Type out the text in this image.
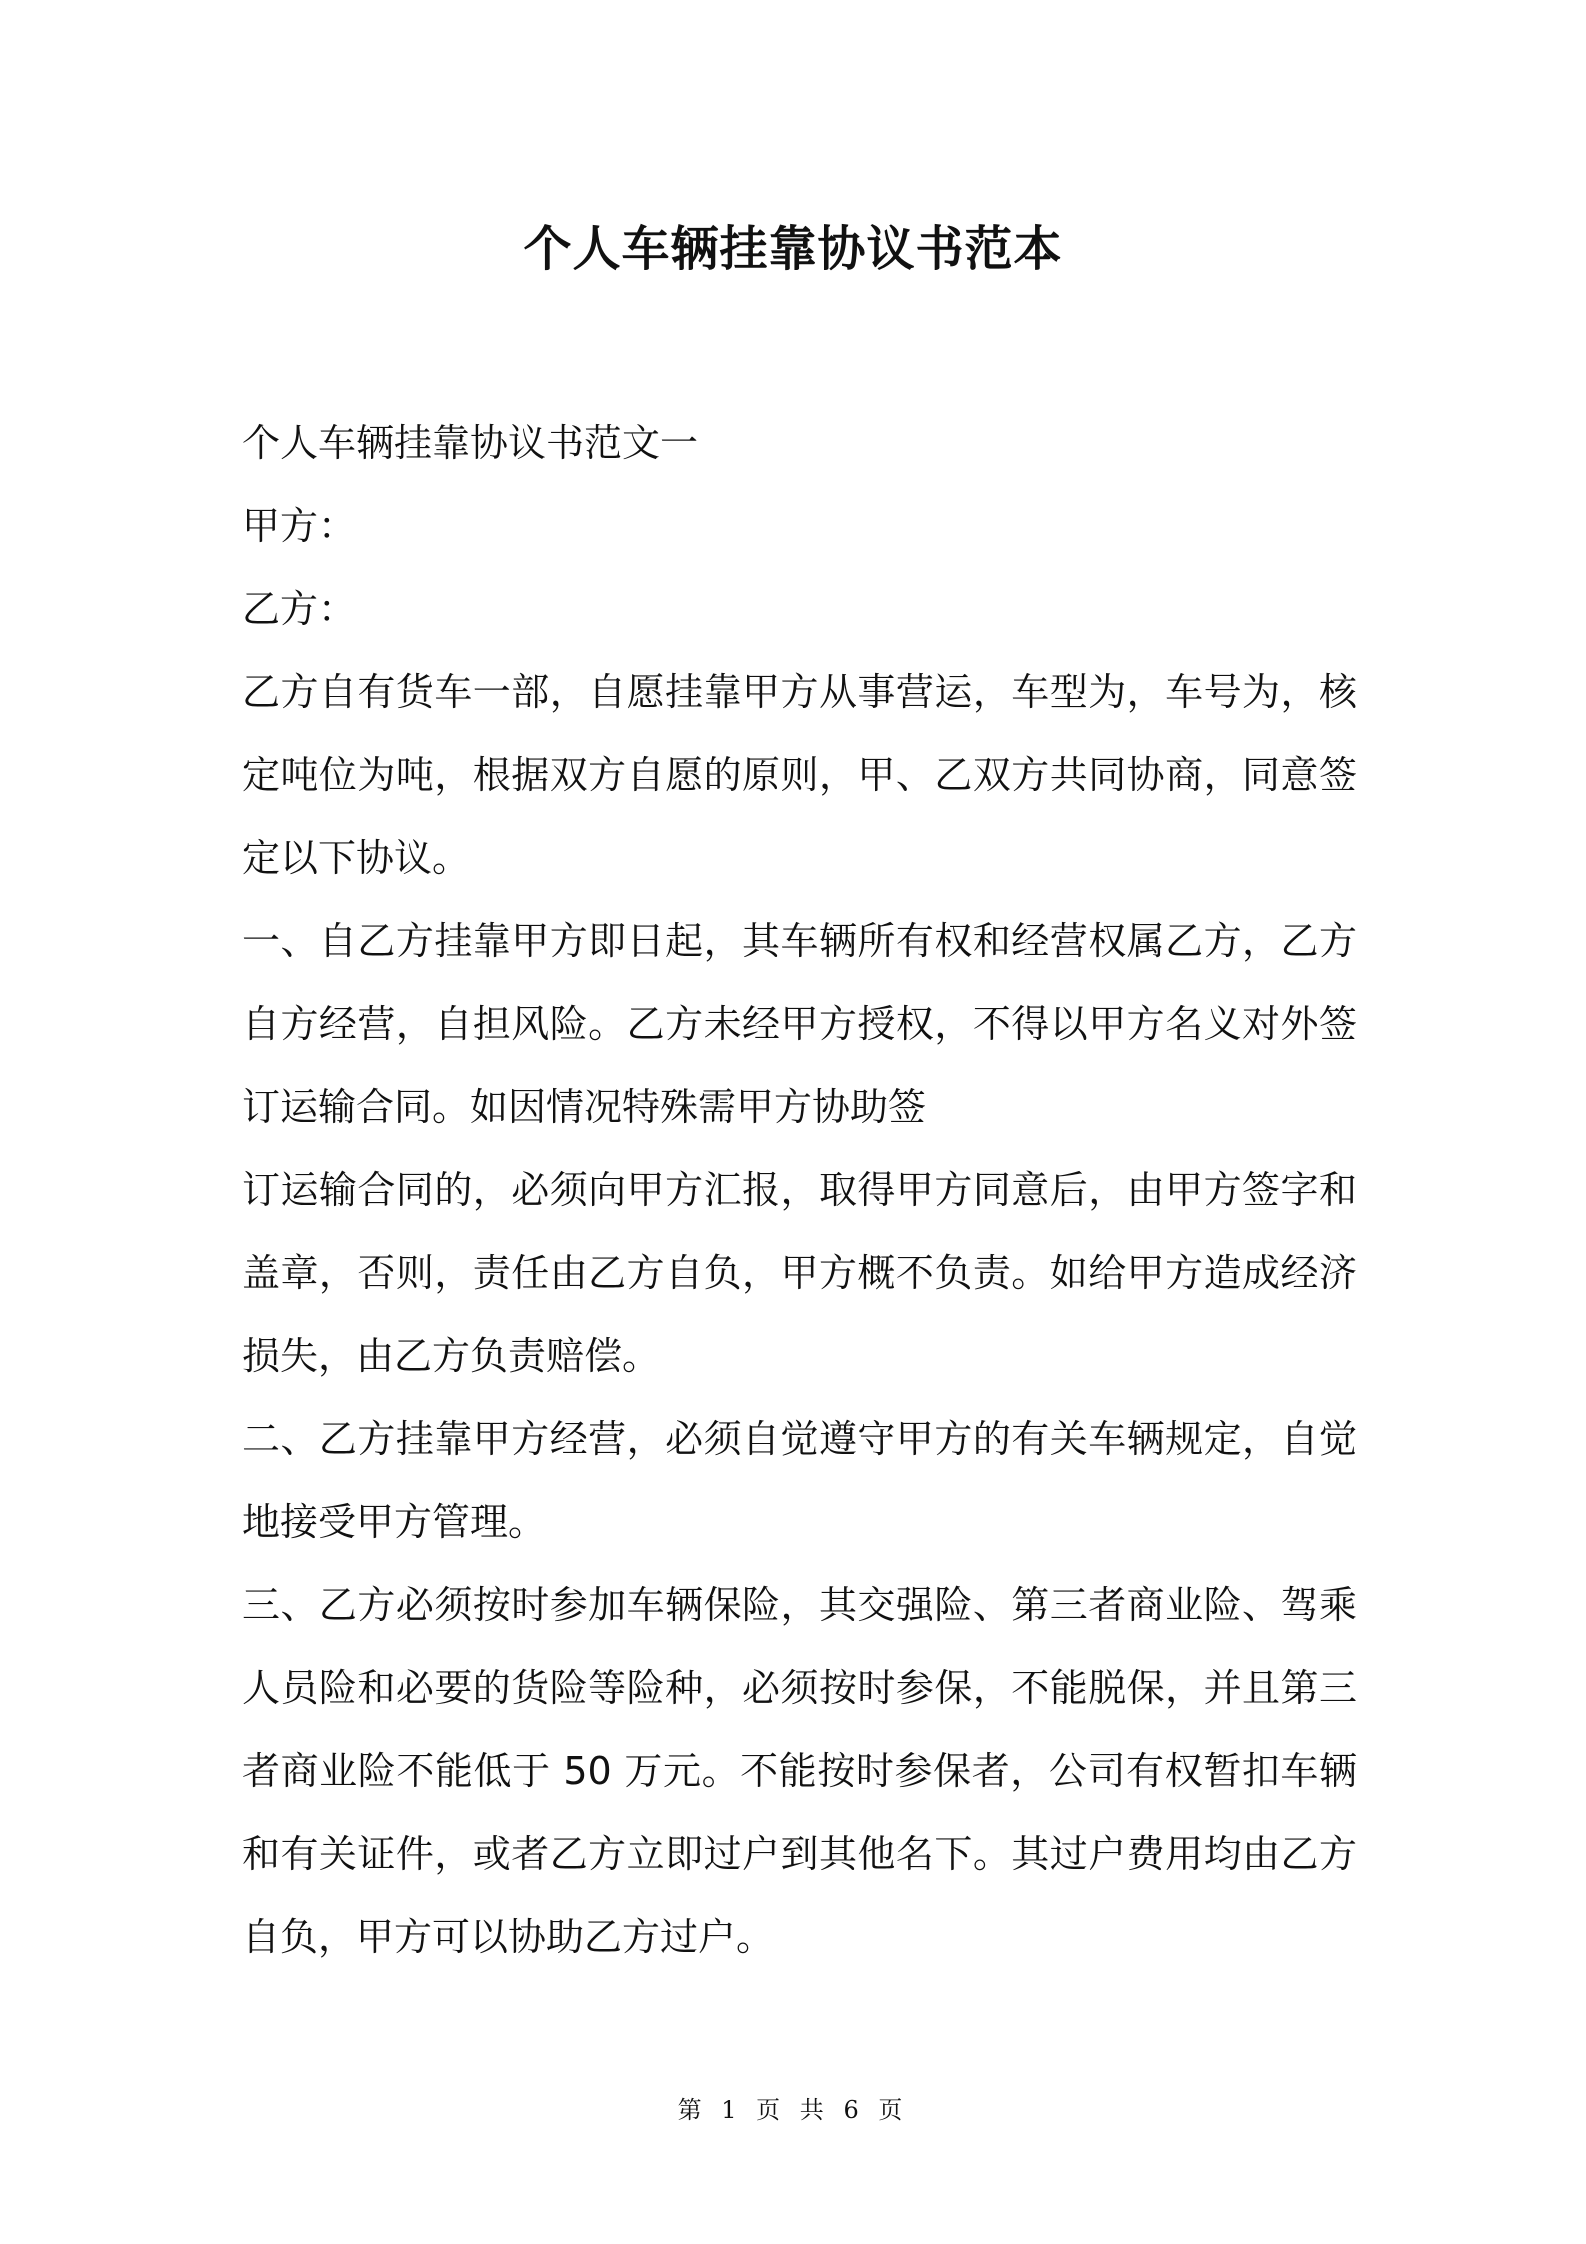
个人车辆挂靠协议书范本

个人车辆挂靠协议书范文一

甲方：

乙方：

乙方自有货车一部，自愿挂靠甲方从事营运，车型为，车号为，核定吨位为吨，根据双方自愿的原则，甲、乙双方共同协商，同意签定以下协议。

一、自乙方挂靠甲方即日起，其车辆所有权和经营权属乙方，乙方自方经营，自担风险。乙方未经甲方授权，不得以甲方名义对外签订运输合同。如因情况特殊需甲方协助签

订运输合同的，必须向甲方汇报，取得甲方同意后，由甲方签字和盖章，否则，责任由乙方自负，甲方概不负责。如给甲方造成经济损失，由乙方负责赔偿。

二、乙方挂靠甲方经营，必须自觉遵守甲方的有关车辆规定，自觉地接受甲方管理。

三、乙方必须按时参加车辆保险，其交强险、第三者商业险、驾乘人员险和必要的货险等险种，必须按时参保，不能脱保，并且第三者商业险不能低于 50 万元。不能按时参保者，公司有权暂扣车辆和有关证件，或者乙方立即过户到其他名下。其过户费用均由乙方自负，甲方可以协助乙方过户。

第 1 页 共 6 页
